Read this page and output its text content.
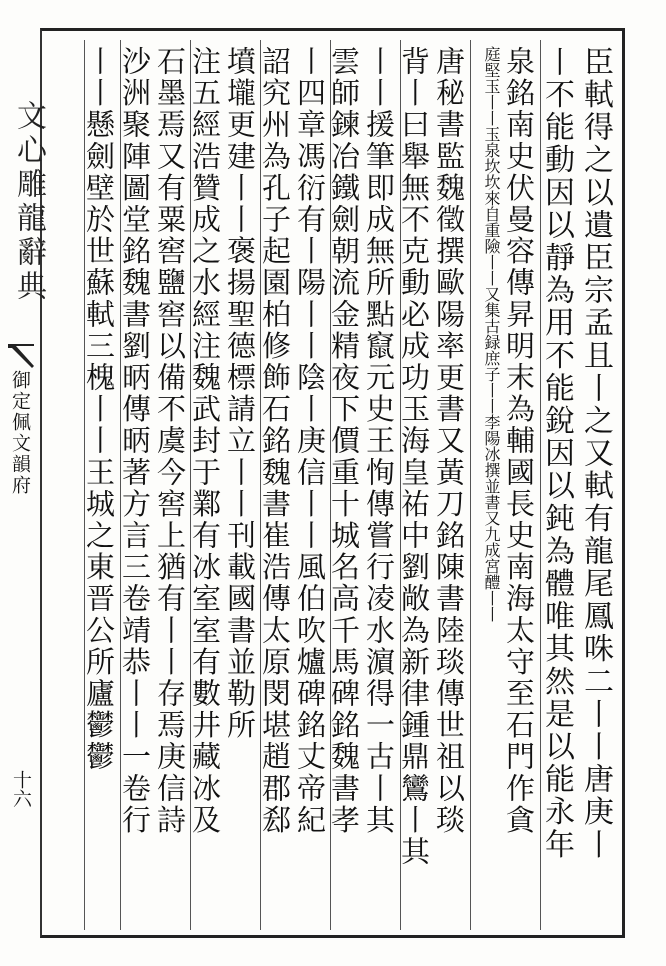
文心雕龍辭典
御定佩文韻府
十六	臣軾得之以遺臣宗孟且丨之又軾有龍尾鳳咮二丨丨唐庚丨
丨不能動因以靜為用不能銳因以鈍為體唯其然是以能永年
泉銘南史伏曼容傳昇明末為輔國長史南海太守至石門作貪
庭堅玉丨丨玉泉坎坎來自重險丨丨又集古録庶子丨丨李陽冰撰並書又九成宮醴丨丨
唐秘書監魏徵撰歐陽率更書又黃刀銘陳書陸琰傳世祖以琰
背丨曰舉無不克動必成功玉海皇祐中劉敞為新律鍾鼎鸞丨其
丨丨援筆即成無所點竄元史王恂傳嘗行凌水濵得一古丨其
雲師鍊冶鐵劍朝流金精夜下價重十城名高千馬碑銘魏書孝
丨四章馮衍有丨陽丨丨陰丨庚信丨丨風伯吹爐碑銘丈帝紀
詔究州為孔子起園柏修飾石銘魏書崔浩傳太原閔堪趙郡郄
墳壠更建丨丨褒揚聖德標請立丨丨刊載國書並勒所
注五經浩贊成之水經注魏武封于鄴有冰室室有數井藏冰及
石墨焉又有粟窖鹽窖以備不虞今窖上猶有丨丨存焉庚信詩
沙洲聚陣圖堂銘魏書劉昞傳昞著方言三卷靖恭丨丨一卷行
丨丨懸劍壁於世蘇軾三槐丨丨王城之東晋公所廬鬱鬱
